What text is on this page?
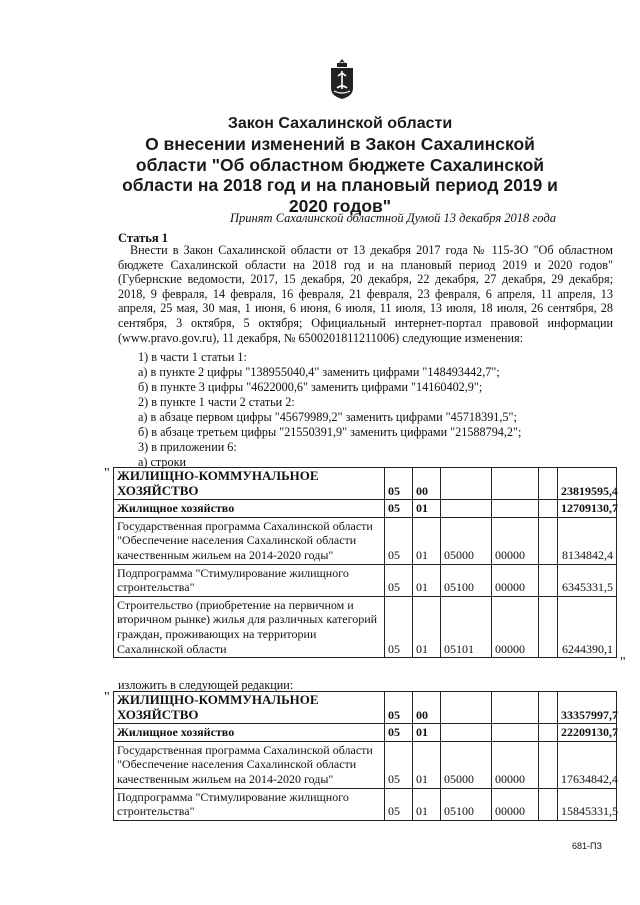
Закон Сахалинской области
О внесении изменений в Закон Сахалинской
области "Об областном бюджете Сахалинской
области на 2018 год и на плановый период 2019 и
2020 годов"
Принят Сахалинской областной Думой 13 декабря 2018 года
Статья 1
Внести в Закон Сахалинской области от 13 декабря 2017 года № 115-ЗО "Об областном бюджете Сахалинской области на 2018 год и на плановый период 2019 и 2020 годов" (Губернские ведомости, 2017, 15 декабря, 20 декабря, 22 декабря, 27 декабря, 29 декабря; 2018, 9 февраля, 14 февраля, 16 февраля, 21 февраля, 23 февраля, 6 апреля, 11 апреля, 13 апреля, 25 мая, 30 мая, 1 июня, 6 июня, 6 июля, 11 июля, 13 июля, 18 июля, 26 сентября, 28 сентября, 3 октября, 5 октября; Официальный интернет-портал правовой информации (www.pravo.gov.ru), 11 декабря, № 6500201811211006) следующие изменения:
1) в части 1 статьи 1:
а) в пункте 2 цифры "138955040,4" заменить цифрами "148493442,7";
б) в пункте 3 цифры "4622000,6" заменить цифрами "14160402,9";
2) в пункте 1 части 2 статьи 2:
а) в абзаце первом цифры "45679989,2" заменить цифрами "45718391,5";
б) в абзаце третьем цифры "21550391,9" заменить цифрами "21588794,2";
3) в приложении 6:
а) строки
" ЖИЛИЩНО-КОММУНАЛЬНОЕ ХОЗЯЙСТВО	05	00				23819595,4
Жилищное хозяйство	05	01				12709130,7
Государственная программа Сахалинской области "Обеспечение населения Сахалинской области качественным жильем на 2014-2020 годы"	05	01	05000	00000		8134842,4
Подпрограмма "Стимулирование жилищного строительства"	05	01	05100	00000		6345331,5
Строительство (приобретение на первичном и вторичном рынке) жилья для различных категорий граждан, проживающих на территории Сахалинской области	05	01	05101	00000		6244390,1
"
изложить в следующей редакции:
" ЖИЛИЩНО-КОММУНАЛЬНОЕ ХОЗЯЙСТВО	05	00				33357997,7
Жилищное хозяйство	05	01				22209130,7
Государственная программа Сахалинской области "Обеспечение населения Сахалинской области качественным жильем на 2014-2020 годы"	05	01	05000	00000		17634842,4
Подпрограмма "Стимулирование жилищного строительства"	05	01	05100	00000		15845331,5
681-ПЗ
